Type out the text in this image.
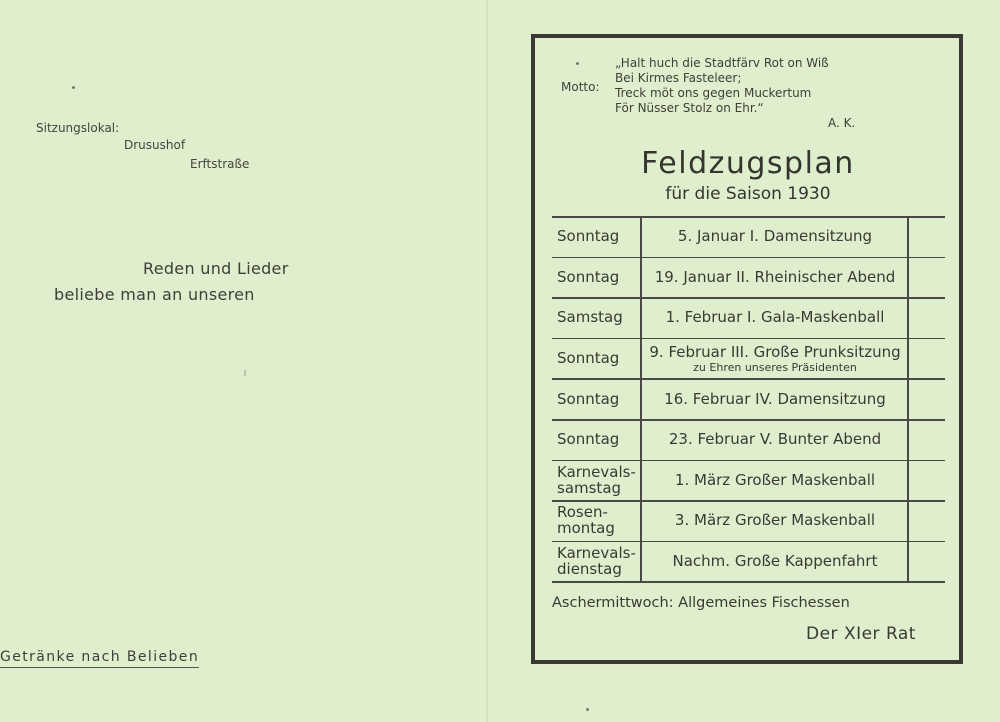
Sitzungslokal:
Drusushof
Erftstraße
Reden und Lieder
beliebe man an unseren
Getränke nach Belieben
Motto:
„Halt huch die Stadtfärv Rot on Wiß
Bei Kirmes Fasteleer;
Treck möt ons gegen Muckertum
För Nüsser Stolz on Ehr.“
A. K.
Feldzugsplan
für die Saison 1930
Sonntag	5. Januar I. Damensitzung
Sonntag	19. Januar II. Rheinischer Abend
Samstag	1. Februar I. Gala-Maskenball
Sonntag	9. Februar III. Große Prunksitzung
zu Ehren unseres Präsidenten
Sonntag	16. Februar IV. Damensitzung
Sonntag	23. Februar V. Bunter Abend
Karnevals-
samstag	1. März Großer Maskenball
Rosen-
montag	3. März Großer Maskenball
Karnevals-
dienstag	Nachm. Große Kappenfahrt
Aschermittwoch: Allgemeines Fischessen
Der XIer Rat
